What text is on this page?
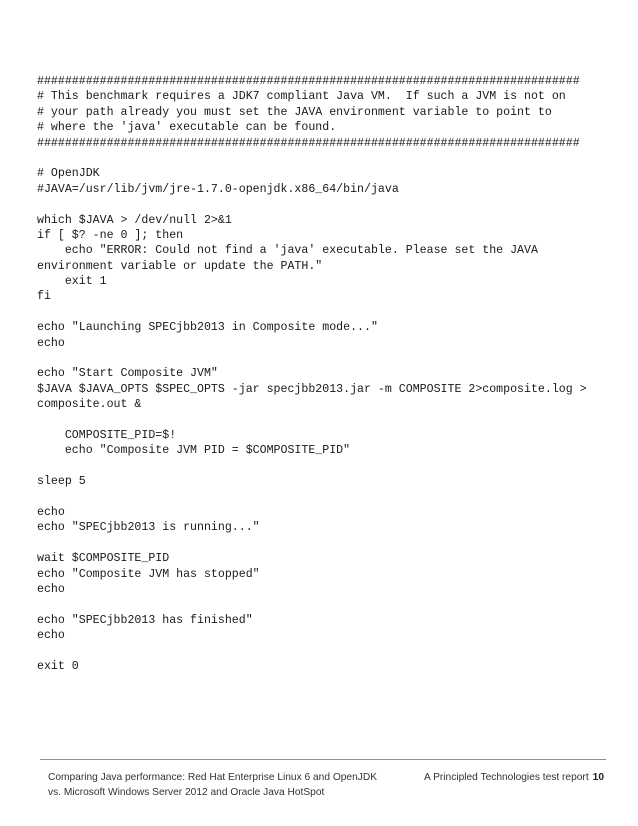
##############################################################################
# This benchmark requires a JDK7 compliant Java VM.  If such a JVM is not on
# your path already you must set the JAVA environment variable to point to
# where the 'java' executable can be found.
##############################################################################
# OpenJDK
#JAVA=/usr/lib/jvm/jre-1.7.0-openjdk.x86_64/bin/java
which $JAVA > /dev/null 2>&1
if [ $? -ne 0 ]; then
echo "ERROR: Could not find a 'java' executable. Please set the JAVA
environment variable or update the PATH."
exit 1
fi
echo "Launching SPECjbb2013 in Composite mode..."
echo
echo "Start Composite JVM"
$JAVA $JAVA_OPTS $SPEC_OPTS -jar specjbb2013.jar -m COMPOSITE 2>composite.log >
composite.out &
COMPOSITE_PID=$!
echo "Composite JVM PID = $COMPOSITE_PID"
sleep 5
echo
echo "SPECjbb2013 is running..."
wait $COMPOSITE_PID
echo "Composite JVM has stopped"
echo
echo "SPECjbb2013 has finished"
echo
exit 0
Comparing Java performance: Red Hat Enterprise Linux 6 and OpenJDK
vs. Microsoft Windows Server 2012 and Oracle Java HotSpot
A Principled Technologies test report 10
